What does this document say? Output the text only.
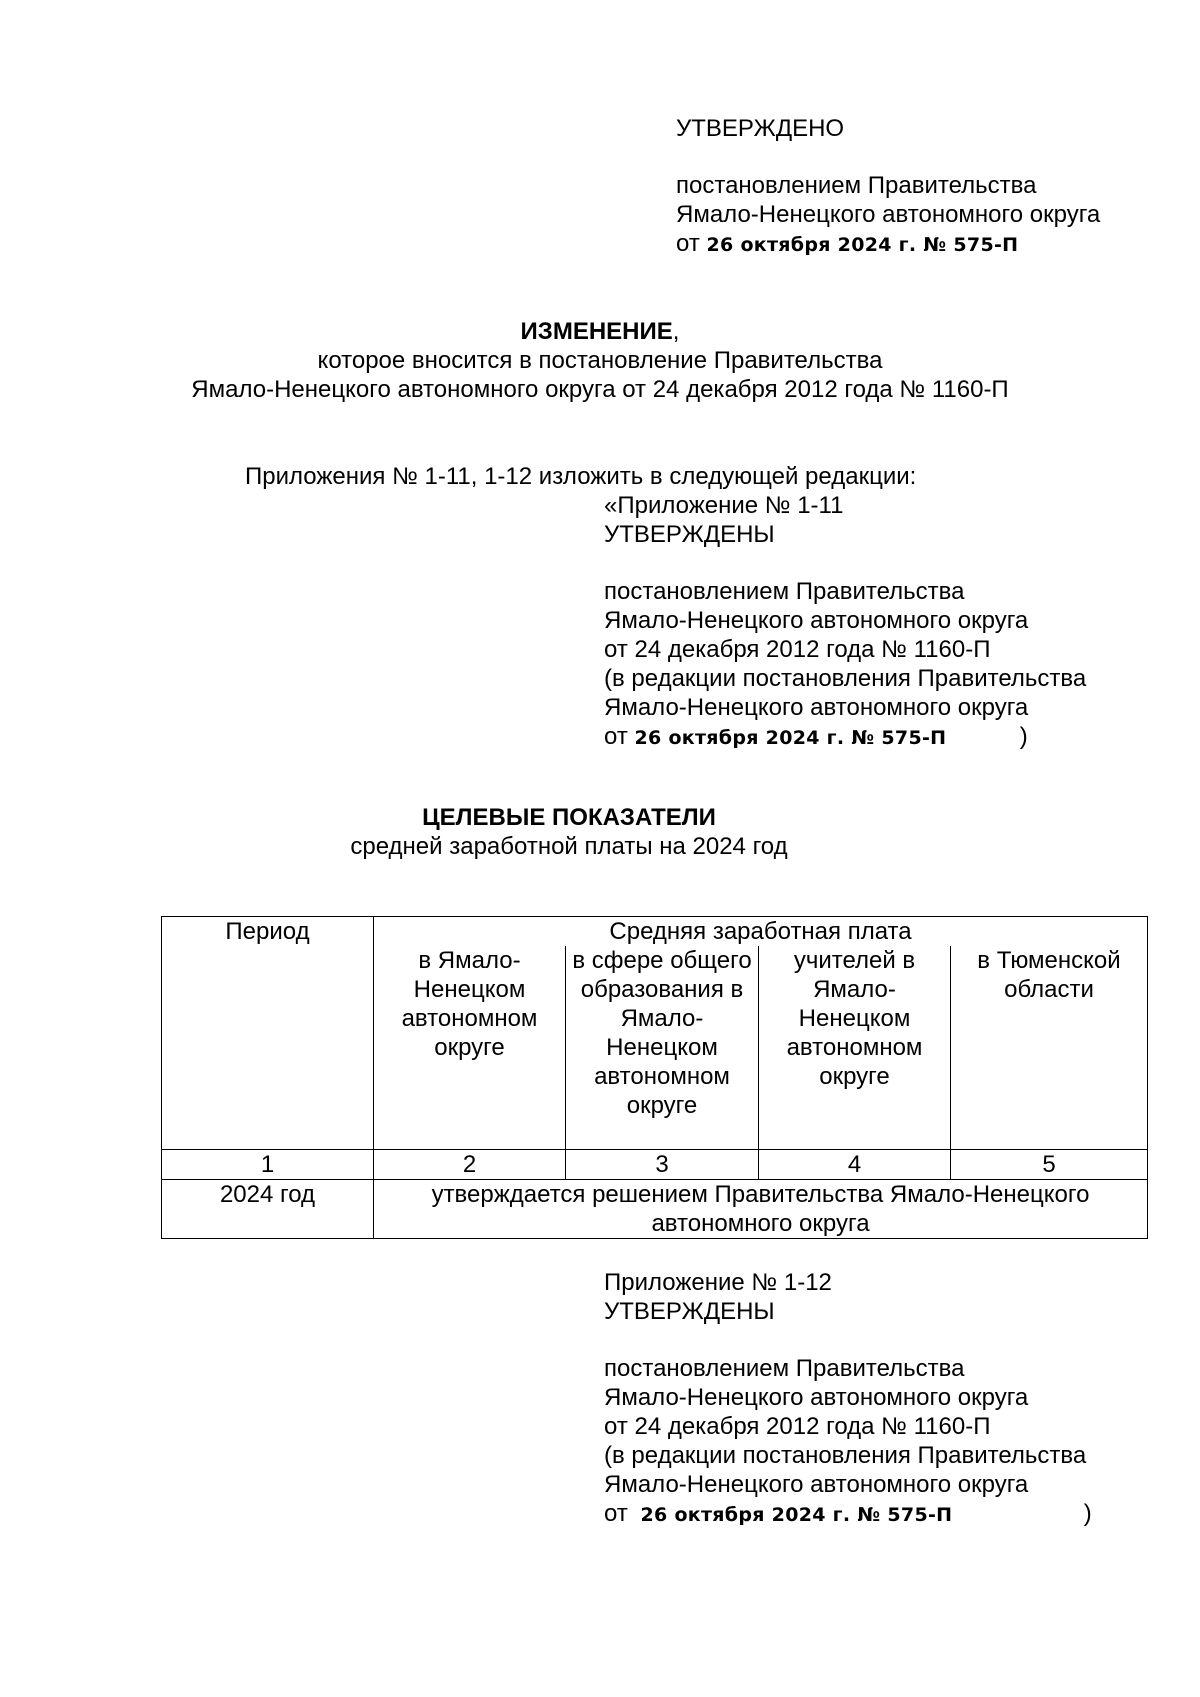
УТВЕРЖДЕНО
постановлением Правительства
Ямало-Ненецкого автономного округа
от 26 октября 2024 г. № 575-П
ИЗМЕНЕНИЕ,
которое вносится в постановление Правительства
Ямало-Ненецкого автономного округа от 24 декабря 2012 года № 1160-П
Приложения № 1-11, 1-12 изложить в следующей редакции:
«Приложение № 1-11
УТВЕРЖДЕНЫ
постановлением Правительства
Ямало-Ненецкого автономного округа
от 24 декабря 2012 года № 1160-П
(в редакции постановления Правительства
Ямало-Ненецкого автономного округа
от 26 октября 2024 г. № 575-П	)
ЦЕЛЕВЫЕ ПОКАЗАТЕЛИ
средней заработной платы на 2024 год
Период	Средняя заработная плата			
	в Ямало-Ненецком автономном округе	в сфере общего образования в Ямало-Ненецком автономном округе	учителей в Ямало-Ненецком автономном округе	в Тюменской области
1	2	3	4	5
2024 год	утверждается решением Правительства Ямало-Ненецкого автономного округа			
Приложение № 1-12
УТВЕРЖДЕНЫ
постановлением Правительства
Ямало-Ненецкого автономного округа
от 24 декабря 2012 года № 1160-П
(в редакции постановления Правительства
Ямало-Ненецкого автономного округа
от 26 октября 2024 г. № 575-П	)
